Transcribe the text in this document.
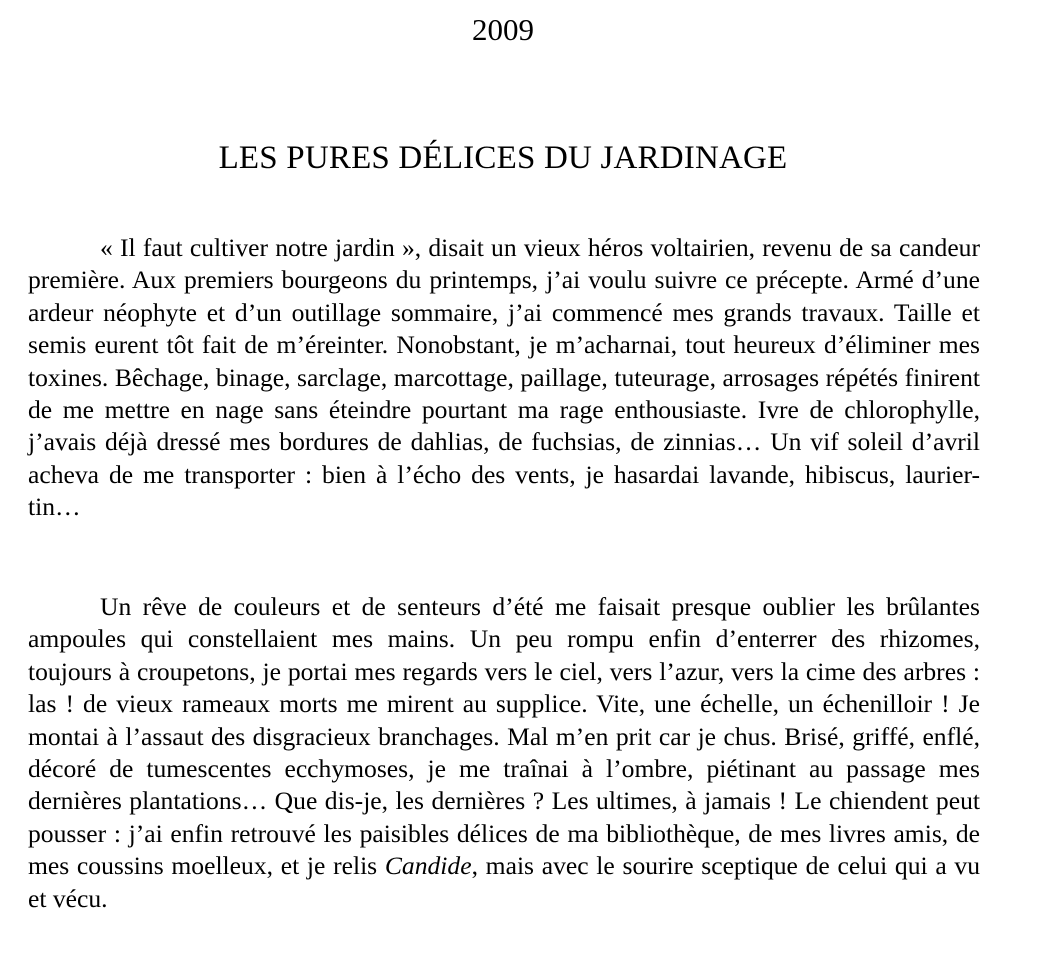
2009
LES PURES DÉLICES DU JARDINAGE

« Il faut cultiver notre jardin », disait un vieux héros voltairien, revenu de sa candeur première. Aux premiers bourgeons du printemps, j’ai voulu suivre ce précepte. Armé d’une ardeur néophyte et d’un outillage sommaire, j’ai commencé mes grands travaux. Taille et semis eurent tôt fait de m’éreinter. Nonobstant, je m’acharnai, tout heureux d’éliminer mes toxines. Bêchage, binage, sarclage, marcottage, paillage, tuteurage, arrosages répétés finirent de me mettre en nage sans éteindre pourtant ma rage enthousiaste. Ivre de chlorophylle, j’avais déjà dressé mes bordures de dahlias, de fuchsias, de zinnias… Un vif soleil d’avril acheva de me transporter : bien à l’écho des vents, je hasardai lavande, hibiscus, laurier-tin…

Un rêve de couleurs et de senteurs d’été me faisait presque oublier les brûlantes ampoules qui constellaient mes mains. Un peu rompu enfin d’enterrer des rhizomes, toujours à croupetons, je portai mes regards vers le ciel, vers l’azur, vers la cime des arbres : las ! de vieux rameaux morts me mirent au supplice. Vite, une échelle, un échenilloir ! Je montai à l’assaut des disgracieux branchages. Mal m’en prit car je chus. Brisé, griffé, enflé, décoré de tumescentes ecchymoses, je me traînai à l’ombre, piétinant au passage mes dernières plantations… Que dis-je, les dernières ? Les ultimes, à jamais ! Le chiendent peut pousser : j’ai enfin retrouvé les paisibles délices de ma bibliothèque, de mes livres amis, de mes coussins moelleux, et je relis Candide, mais avec le sourire sceptique de celui qui a vu et vécu.
